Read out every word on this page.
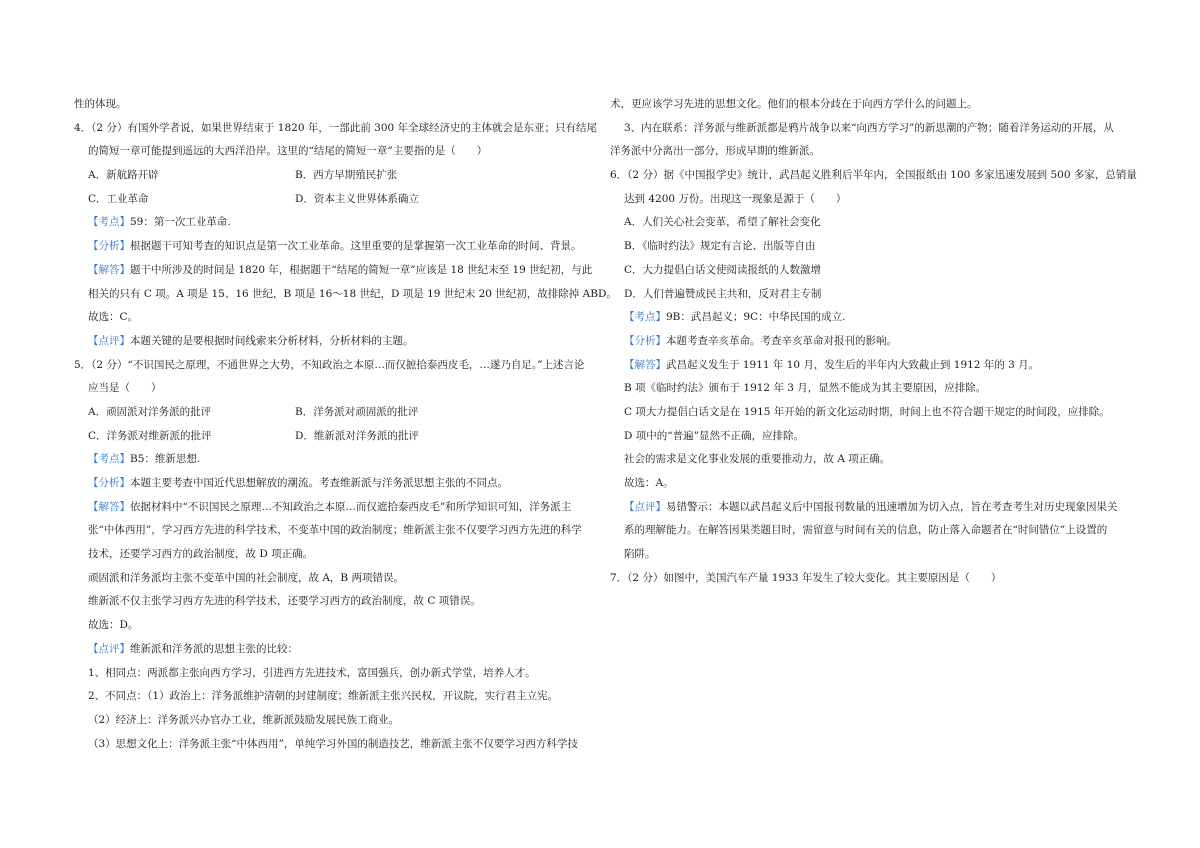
性的体现。
4．（2 分）有国外学者说，如果世界结束于 1820 年，一部此前 300 年全球经济史的主体就会是东亚；只有结尾
的简短一章可能提到遥远的大西洋沿岸。这里的“结尾的简短一章”主要指的是（　　）
A．新航路开辟	B．西方早期殖民扩张
C．工业革命	D．资本主义世界体系确立
【考点】59：第一次工业革命.
【分析】根据题干可知考查的知识点是第一次工业革命。这里重要的是掌握第一次工业革命的时间、背景。
【解答】题干中所涉及的时间是 1820 年，根据题干“结尾的简短一章”应该是 18 世纪末至 19 世纪初，与此
相关的只有 C 项。A 项是 15、16 世纪，B 项是 16～18 世纪，D 项是 19 世纪末 20 世纪初，故排除掉 ABD。
故选：C。
【点评】本题关键的是要根据时间线索来分析材料，分析材料的主题。
5．（2 分）“不识国民之原理，不通世界之大势，不知政治之本原…而仅摭拾泰西皮毛，…遂乃自足。”上述言论
应当是（　　）
A．顽固派对洋务派的批评	B．洋务派对顽固派的批评
C．洋务派对维新派的批评	D．维新派对洋务派的批评
【考点】B5：维新思想.
【分析】本题主要考查中国近代思想解放的潮流。考查维新派与洋务派思想主张的不同点。
【解答】依据材料中“不识国民之原理…不知政治之本原…而仅遮拾泰西皮毛”和所学知识可知，洋务派主
张“中体西用”，学习西方先进的科学技术，不变革中国的政治制度；维新派主张不仅要学习西方先进的科学
技术，还要学习西方的政治制度，故 D 项正确。
顽固派和洋务派均主张不变革中国的社会制度，故 A，B 两项错误。
维新派不仅主张学习西方先进的科学技术，还要学习西方的政治制度，故 C 项错误。
故选：D。
【点评】维新派和洋务派的思想主张的比较：
1、相同点：两派都主张向西方学习，引进西方先进技术，富国强兵，创办新式学堂，培养人才。
2、不同点：（1）政治上：洋务派维护清朝的封建制度；维新派主张兴民权，开议院，实行君主立宪。
（2）经济上：洋务派兴办官办工业，维新派鼓励发展民族工商业。
（3）思想文化上：洋务派主张“中体西用”，单纯学习外国的制造技艺，维新派主张不仅要学习西方科学技
术，更应该学习先进的思想文化。他们的根本分歧在于向西方学什么的问题上。
3、内在联系：洋务派与维新派都是鸦片战争以来“向西方学习”的新思潮的产物；随着洋务运动的开展，从
洋务派中分离出一部分，形成早期的维新派。
6．（2 分）据《中国报学史》统计，武昌起义胜利后半年内，全国报纸由 100 多家迅速发展到 500 多家，总销量
达到 4200 万份。出现这一现象是源于（　　）
A．人们关心社会变革，希望了解社会变化
B．《临时约法》规定有言论、出版等自由
C．大力提倡白话文使阅读报纸的人数激增
D．人们普遍赞成民主共和，反对君主专制
【考点】9B：武昌起义；9C：中华民国的成立.
【分析】本题考查辛亥革命。考查辛亥革命对报刊的影响。
【解答】武昌起义发生于 1911 年 10 月，发生后的半年内大致截止到 1912 年的 3 月。
B 项《临时约法》颁布于 1912 年 3 月，显然不能成为其主要原因，应排除。
C 项大力提倡白话文是在 1915 年开始的新文化运动时期，时间上也不符合题干规定的时间段，应排除。
D 项中的“普遍”显然不正确，应排除。
社会的需求是文化事业发展的重要推动力，故 A 项正确。
故选：A。
【点评】易错警示：本题以武昌起义后中国报刊数量的迅速增加为切入点，旨在考查考生对历史现象因果关
系的理解能力。在解答因果类题目时，需留意与时间有关的信息，防止落入命题者在“时间错位”上设置的
陷阱。
7．（2 分）如图中，美国汽车产量 1933 年发生了较大变化。其主要原因是（　　）
